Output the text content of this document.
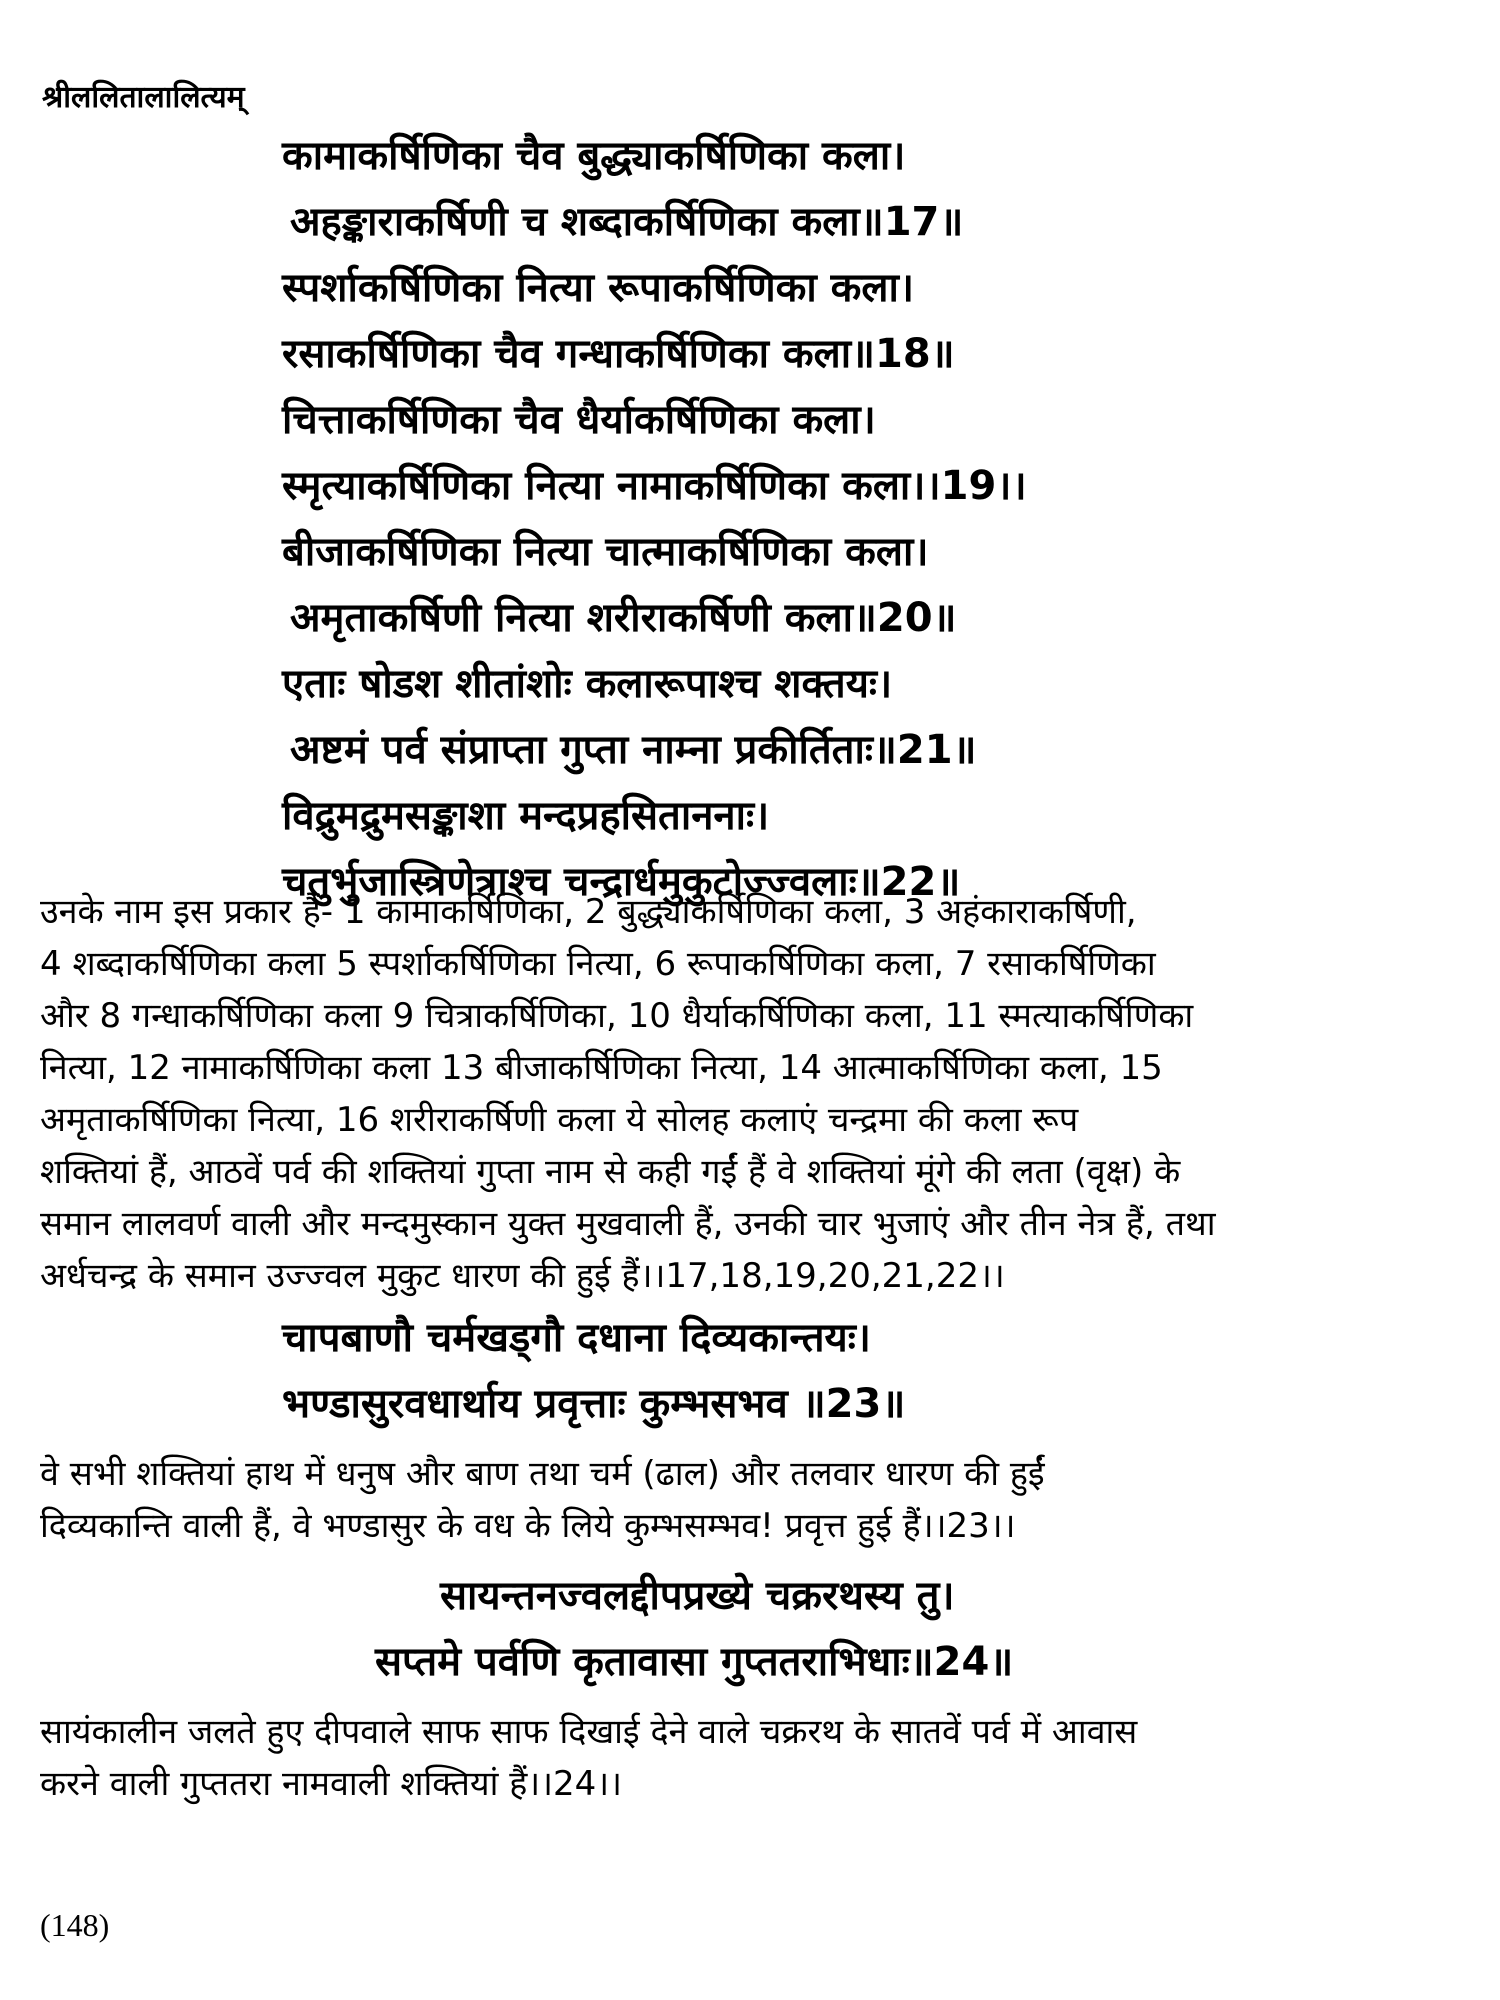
श्रीललितालालित्यम्
कामाकर्षिणिका चैव बुद्ध्याकर्षिणिका कला।
अहङ्काराकर्षिणी च शब्दाकर्षिणिका कला॥17॥
स्पर्शाकर्षिणिका नित्या रूपाकर्षिणिका कला।
रसाकर्षिणिका चैव गन्धाकर्षिणिका कला॥18॥
चित्ताकर्षिणिका चैव धैर्याकर्षिणिका कला।
स्मृत्याकर्षिणिका नित्या नामाकर्षिणिका कला।।19।।
बीजाकर्षिणिका नित्या चात्माकर्षिणिका कला।
अमृताकर्षिणी नित्या शरीराकर्षिणी कला॥20॥
एताः षोडश शीतांशोः कलारूपाश्च शक्तयः।
अष्टमं पर्व संप्राप्ता गुप्ता नाम्ना प्रकीर्तिताः॥21॥
विद्रुमद्रुमसङ्काशा मन्दप्रहसिताननाः।
चतुर्भुजास्त्रिणेत्राश्च चन्द्रार्धमुकुटोज्ज्वलाः॥22॥
उनके नाम इस प्रकार हैं- 1 कामाकर्षिणिका, 2 बुद्ध्याकर्षिणिका कला, 3 अहंकाराकर्षिणी,
4 शब्दाकर्षिणिका कला 5 स्पर्शाकर्षिणिका नित्या, 6 रूपाकर्षिणिका कला, 7 रसाकर्षिणिका
और 8 गन्धाकर्षिणिका कला 9 चित्राकर्षिणिका, 10 धैर्याकर्षिणिका कला, 11 स्मत्याकर्षिणिका
नित्या, 12 नामाकर्षिणिका कला 13 बीजाकर्षिणिका नित्या, 14 आत्माकर्षिणिका कला, 15
अमृताकर्षिणिका नित्या, 16 शरीराकर्षिणी कला ये सोलह कलाएं चन्द्रमा की कला रूप
शक्तियां हैं, आठवें पर्व की शक्तियां गुप्ता नाम से कही गईं हैं वे शक्तियां मूंगे की लता (वृक्ष) के
समान लालवर्ण वाली और मन्दमुस्कान युक्त मुखवाली हैं, उनकी चार भुजाएं और तीन नेत्र हैं, तथा
अर्धचन्द्र के समान उज्ज्वल मुकुट धारण की हुई हैं।।17,18,19,20,21,22।।
चापबाणौ चर्मखड्गौ दधाना दिव्यकान्तयः।
भण्डासुरवधार्थाय प्रवृत्ताः कुम्भसभव ॥23॥
वे सभी शक्तियां हाथ में धनुष और बाण तथा चर्म (ढाल) और तलवार धारण की हुईं
दिव्यकान्ति वाली हैं, वे भण्डासुर के वध के लिये कुम्भसम्भव! प्रवृत्त हुई हैं।।23।।
सायन्तनज्वलद्दीपप्रख्ये चक्ररथस्य तु।
सप्तमे पर्वणि कृतावासा गुप्ततराभिधाः॥24॥
सायंकालीन जलते हुए दीपवाले साफ साफ दिखाई देने वाले चक्ररथ के सातवें पर्व में आवास
करने वाली गुप्ततरा नामवाली शक्तियां हैं।।24।।
(148)
